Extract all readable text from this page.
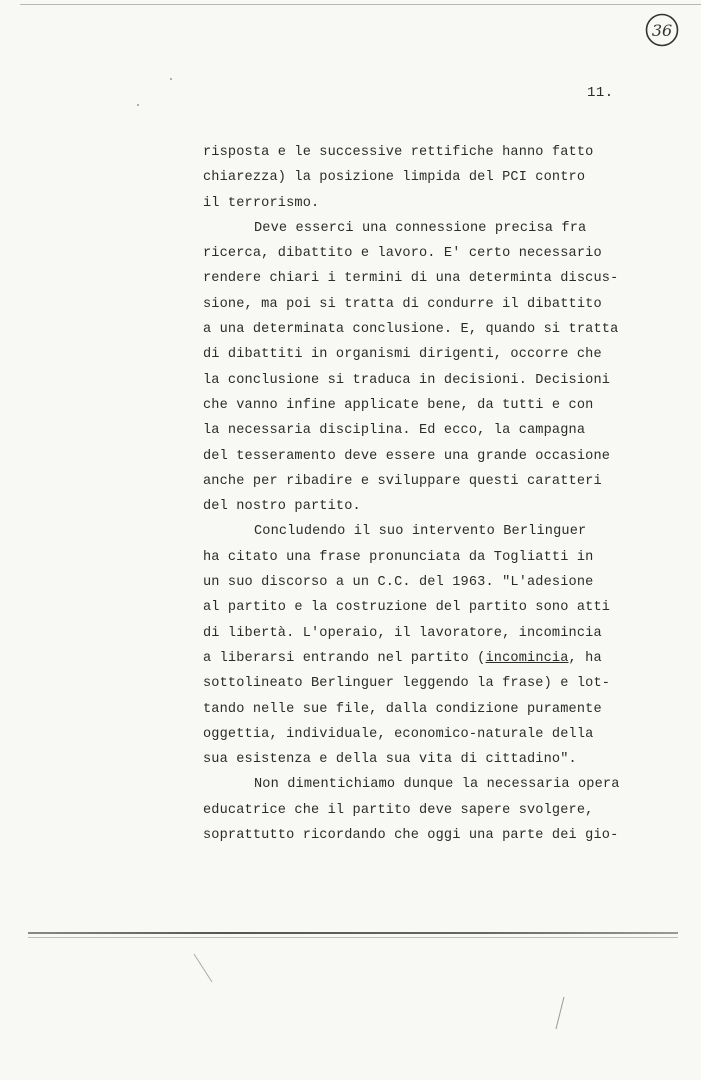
36
11.
risposta e le successive rettifiche hanno fatto
chiarezza) la posizione limpida del PCI contro
il terrorismo.
Deve esserci una connessione precisa fra
ricerca, dibattito e lavoro. E' certo necessario
rendere chiari i termini di una determinta discus-
sione, ma poi si tratta di condurre il dibattito
a una determinata conclusione. E, quando si tratta
di dibattiti in organismi dirigenti, occorre che
la conclusione si traduca in decisioni. Decisioni
che vanno infine applicate bene, da tutti e con
la necessaria disciplina. Ed ecco, la campagna
del tesseramento deve essere una grande occasione
anche per ribadire e sviluppare questi caratteri
del nostro partito.
Concludendo il suo intervento Berlinguer
ha citato una frase pronunciata da Togliatti in
un suo discorso a un C.C. del 1963. "L'adesione
al partito e la costruzione del partito sono atti
di libertà. L'operaio, il lavoratore, incomincia
a liberarsi entrando nel partito (incomincia, ha
sottolineato Berlinguer leggendo la frase) e lot-
tando nelle sue file, dalla condizione puramente
oggettia, individuale, economico-naturale della
sua esistenza e della sua vita di cittadino".
Non dimentichiamo dunque la necessaria opera
educatrice che il partito deve sapere svolgere,
soprattutto ricordando che oggi una parte dei gio-
